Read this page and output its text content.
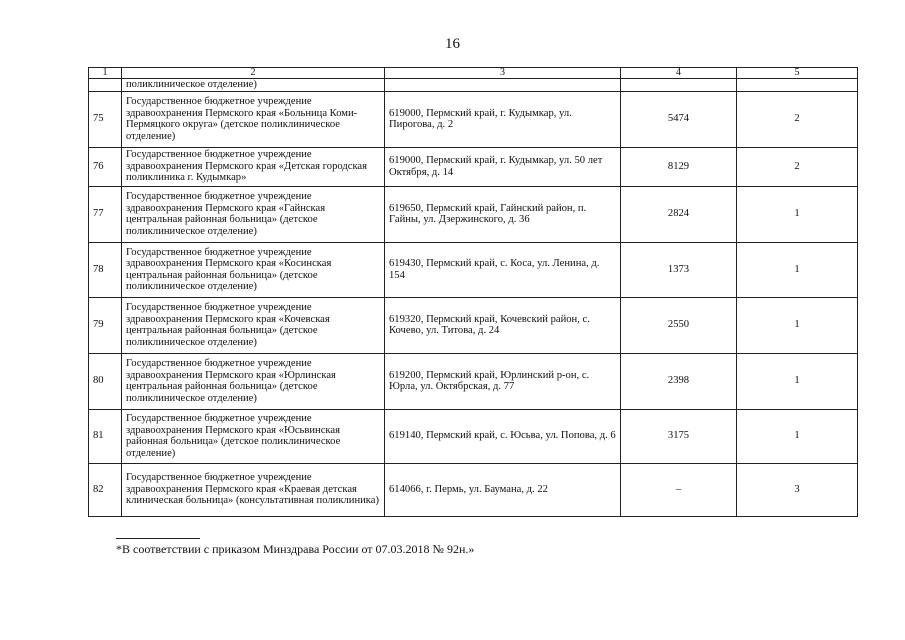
16
1	2	3	4	5
	поликлиническое отделение)			
75	Государственное бюджетное учреждение здравоохранения Пермского края «Больница Коми-Пермяцкого округа» (детское поликлиническое отделение)	619000, Пермский край, г. Кудымкар, ул. Пирогова, д. 2	5474	2
76	Государственное бюджетное учреждение здравоохранения Пермского края «Детская городская поликлиника г. Кудымкар»	619000, Пермский край, г. Кудымкар, ул. 50 лет Октября, д. 14	8129	2
77	Государственное бюджетное учреждение здравоохранения Пермского края «Гайнская центральная районная больница» (детское поликлиническое отделение)	619650, Пермский край, Гайнский район, п. Гайны, ул. Дзержинского, д. 36	2824	1
78	Государственное бюджетное учреждение здравоохранения Пермского края «Косинская центральная районная больница» (детское поликлиническое отделение)	619430, Пермский край, с. Коса, ул. Ленина, д. 154	1373	1
79	Государственное бюджетное учреждение здравоохранения Пермского края «Кочевская центральная районная больница» (детское поликлиническое отделение)	619320, Пермский край, Кочевский район, с. Кочево, ул. Титова, д. 24	2550	1
80	Государственное бюджетное учреждение здравоохранения Пермского края «Юрлинская центральная районная больница» (детское поликлиническое отделение)	619200, Пермский край, Юрлинский р-он, с. Юрла, ул. Октябрская, д. 77	2398	1
81	Государственное бюджетное учреждение здравоохранения Пермского края «Юсьвинская районная больница» (детское поликлиническое отделение)	619140, Пермский край, с. Юсьва, ул. Попова, д. 6	3175	1
82	Государственное бюджетное учреждение здравоохранения Пермского края «Краевая детская клиническая больница» (консультативная поликлиника)	614066, г. Пермь, ул. Баумана, д. 22	–	3
*В соответствии с приказом Минздрава России от 07.03.2018 № 92н.»
